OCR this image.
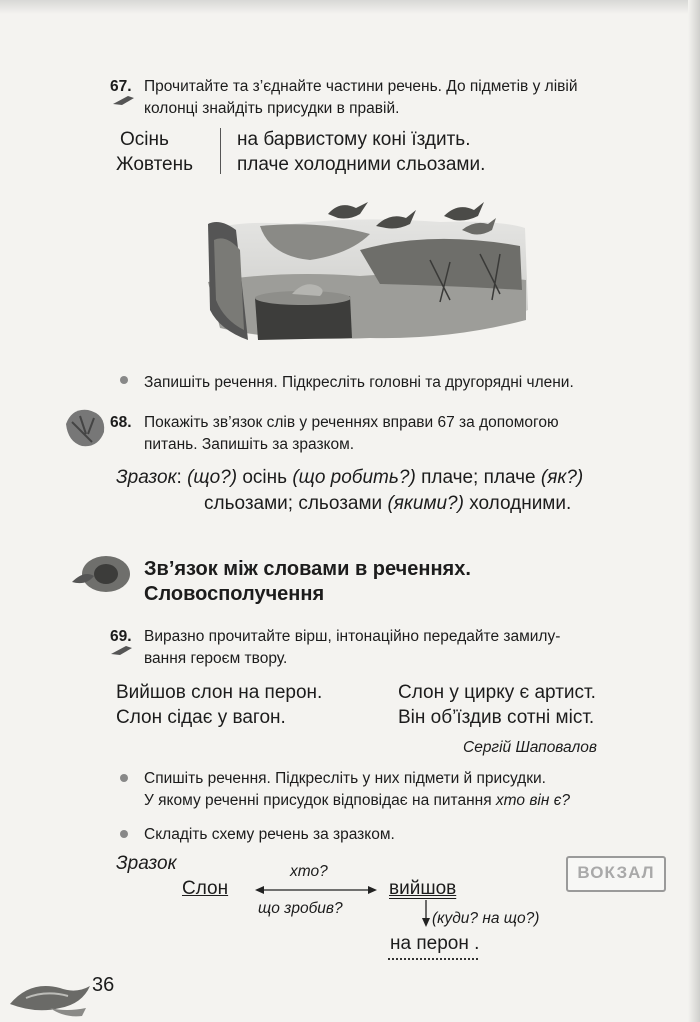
67. Прочитайте та з’єднайте частини речень. До підметів у лівій
колонці знайдіть присудки в правій.
Осінь
Жовтень
на барвистому коні їздить.
плаче холодними сльозами.
Запишіть речення. Підкресліть головні та другорядні члени.
68. Покажіть зв’язок слів у реченнях вправи 67 за допомогою
питань. Запишіть за зразком.
Зразок: (що?) осінь (що робить?) плаче; плаче (як?)
сльозами; сльозами (якими?) холодними.
Зв’язок між словами в реченнях.
Словосполучення
69. Виразно прочитайте вірш, інтонаційно передайте замилу-
вання героєм твору.
Вийшов слон на перон.
Слон сідає у вагон.
Слон у цирку є артист.
Він об’їздив сотні міст.
Сергій Шаповалов
Спишіть речення. Підкресліть у них підмети й присудки.
У якому реченні присудок відповідає на питання хто він є?
Складіть схему речень за зразком.
Зразок	хто?
Слон	вийшов
що зробив?
(куди? на що?)
на перон .
ВОКЗАЛ
36
